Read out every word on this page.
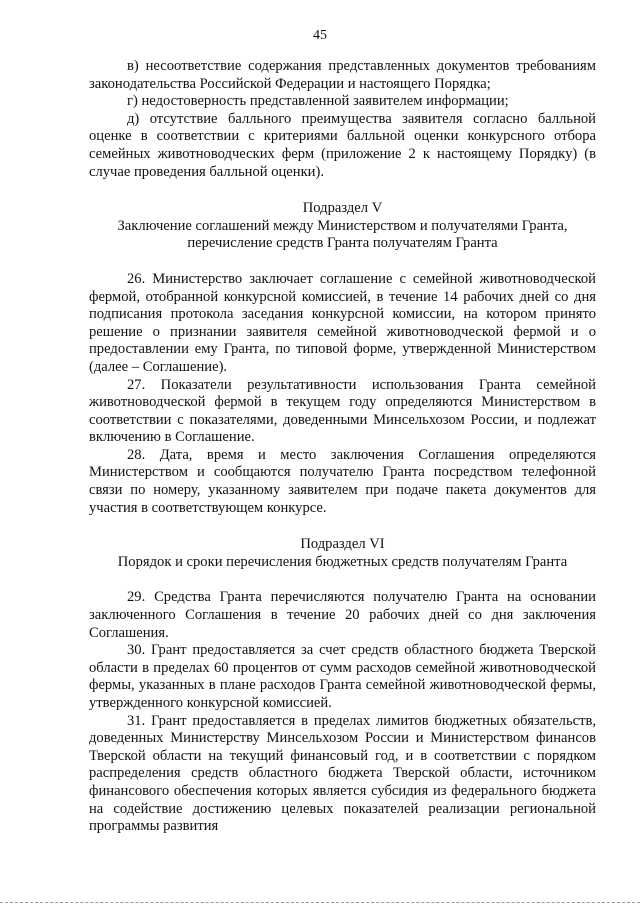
45

в) несоответствие содержания представленных документов требованиям законодательства Российской Федерации и настоящего Порядка;

г) недостоверность представленной заявителем информации;

д) отсутствие балльного преимущества заявителя согласно балльной оценке в соответствии с критериями балльной оценки конкурсного отбора семейных животноводческих ферм (приложение 2 к настоящему Порядку) (в случае проведения балльной оценки).

Подраздел V

Заключение соглашений между Министерством и получателями Гранта, перечисление средств Гранта получателям Гранта

26. Министерство заключает соглашение с семейной животноводческой фермой, отобранной конкурсной комиссией, в течение 14 рабочих дней со дня подписания протокола заседания конкурсной комиссии, на котором принято решение о признании заявителя семейной животноводческой фермой и о предоставлении ему Гранта, по типовой форме, утвержденной Министерством (далее – Соглашение).

27. Показатели результативности использования Гранта семейной животноводческой фермой в текущем году определяются Министерством в соответствии с показателями, доведенными Минсельхозом России, и подлежат включению в Соглашение.

28. Дата, время и место заключения Соглашения определяются Министерством и сообщаются получателю Гранта посредством телефонной связи по номеру, указанному заявителем при подаче пакета документов для участия в соответствующем конкурсе.

Подраздел VI

Порядок и сроки перечисления бюджетных средств получателям Гранта

29. Средства Гранта перечисляются получателю Гранта на основании заключенного Соглашения в течение 20 рабочих дней со дня заключения Соглашения.

30. Грант предоставляется за счет средств областного бюджета Тверской области в пределах 60 процентов от сумм расходов семейной животноводческой фермы, указанных в плане расходов Гранта семейной животноводческой фермы, утвержденного конкурсной комиссией.

31. Грант предоставляется в пределах лимитов бюджетных обязательств, доведенных Министерству Минсельхозом России и Министерством финансов Тверской области на текущий финансовый год, и в соответствии с порядком распределения средств областного бюджета Тверской области, источником финансового обеспечения которых является субсидия из федерального бюджета на содействие достижению целевых показателей реализации региональной программы развития
